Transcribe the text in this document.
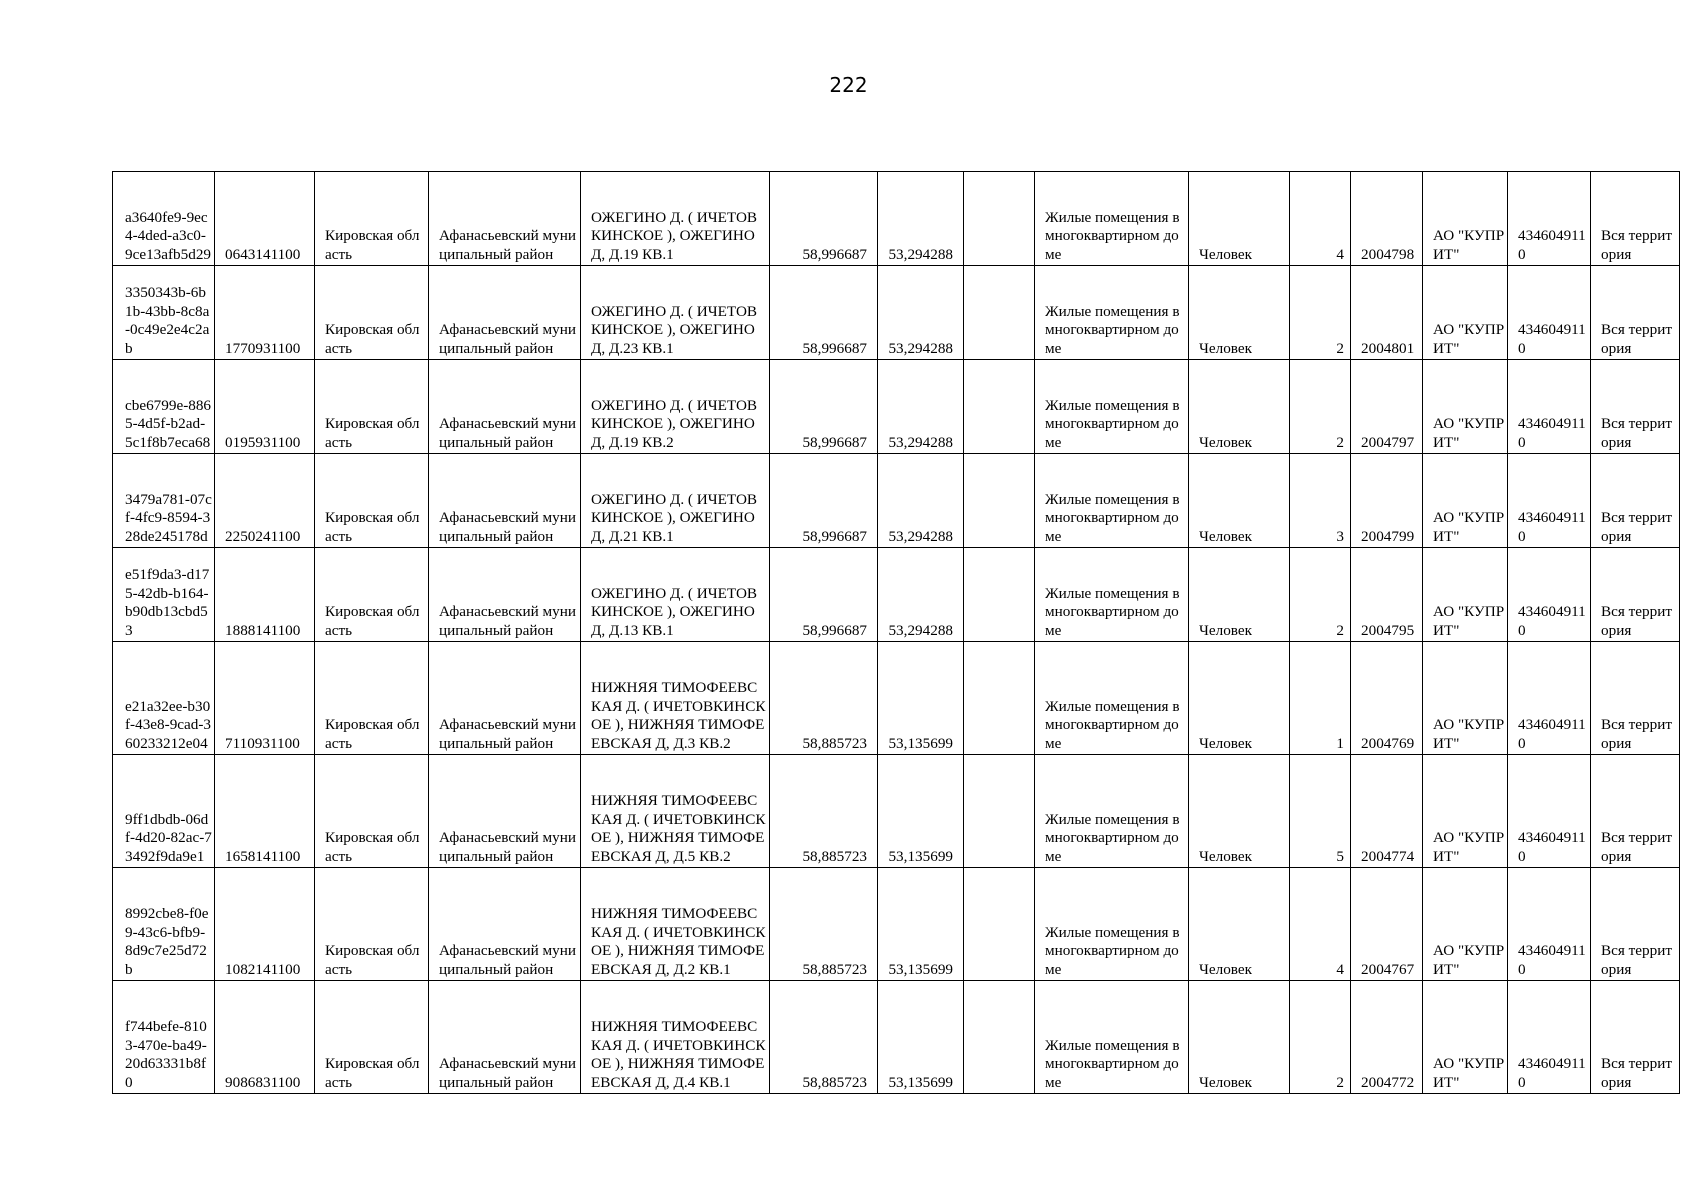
222
a3640fe9-9ec4-4ded-a3c0-9ce13afb5d29	0643141100	Кировская область	Афанасьевский муниципальный район	ОЖЕГИНО Д. ( ИЧЕТОВКИНСКОЕ ), ОЖЕГИНО Д, Д.19 КВ.1	58,996687	53,294288		Жилые помещения в многоквартирном доме	Человек	4	2004798	АО "КУПРИТ"	4346049110	Вся территория
3350343b-6b1b-43bb-8c8a-0c49e2e4c2ab	1770931100	Кировская область	Афанасьевский муниципальный район	ОЖЕГИНО Д. ( ИЧЕТОВКИНСКОЕ ), ОЖЕГИНО Д, Д.23 КВ.1	58,996687	53,294288		Жилые помещения в многоквартирном доме	Человек	2	2004801	АО "КУПРИТ"	4346049110	Вся территория
cbe6799e-8865-4d5f-b2ad-5c1f8b7eca68	0195931100	Кировская область	Афанасьевский муниципальный район	ОЖЕГИНО Д. ( ИЧЕТОВКИНСКОЕ ), ОЖЕГИНО Д, Д.19 КВ.2	58,996687	53,294288		Жилые помещения в многоквартирном доме	Человек	2	2004797	АО "КУПРИТ"	4346049110	Вся территория
3479a781-07cf-4fc9-8594-328de245178d	2250241100	Кировская область	Афанасьевский муниципальный район	ОЖЕГИНО Д. ( ИЧЕТОВКИНСКОЕ ), ОЖЕГИНО Д, Д.21 КВ.1	58,996687	53,294288		Жилые помещения в многоквартирном доме	Человек	3	2004799	АО "КУПРИТ"	4346049110	Вся территория
e51f9da3-d175-42db-b164-b90db13cbd53	1888141100	Кировская область	Афанасьевский муниципальный район	ОЖЕГИНО Д. ( ИЧЕТОВКИНСКОЕ ), ОЖЕГИНО Д, Д.13 КВ.1	58,996687	53,294288		Жилые помещения в многоквартирном доме	Человек	2	2004795	АО "КУПРИТ"	4346049110	Вся территория
e21a32ee-b30f-43e8-9cad-360233212e04	7110931100	Кировская область	Афанасьевский муниципальный район	НИЖНЯЯ ТИМОФЕЕВСКАЯ Д. ( ИЧЕТОВКИНСКОЕ ), НИЖНЯЯ ТИМОФЕЕВСКАЯ Д, Д.3 КВ.2	58,885723	53,135699		Жилые помещения в многоквартирном доме	Человек	1	2004769	АО "КУПРИТ"	4346049110	Вся территория
9ff1dbdb-06df-4d20-82ac-73492f9da9e1	1658141100	Кировская область	Афанасьевский муниципальный район	НИЖНЯЯ ТИМОФЕЕВСКАЯ Д. ( ИЧЕТОВКИНСКОЕ ), НИЖНЯЯ ТИМОФЕЕВСКАЯ Д, Д.5 КВ.2	58,885723	53,135699		Жилые помещения в многоквартирном доме	Человек	5	2004774	АО "КУПРИТ"	4346049110	Вся территория
8992cbe8-f0e9-43c6-bfb9-8d9c7e25d72b	1082141100	Кировская область	Афанасьевский муниципальный район	НИЖНЯЯ ТИМОФЕЕВСКАЯ Д. ( ИЧЕТОВКИНСКОЕ ), НИЖНЯЯ ТИМОФЕЕВСКАЯ Д, Д.2 КВ.1	58,885723	53,135699		Жилые помещения в многоквартирном доме	Человек	4	2004767	АО "КУПРИТ"	4346049110	Вся территория
f744befe-8103-470e-ba49-20d63331b8f0	9086831100	Кировская область	Афанасьевский муниципальный район	НИЖНЯЯ ТИМОФЕЕВСКАЯ Д. ( ИЧЕТОВКИНСКОЕ ), НИЖНЯЯ ТИМОФЕЕВСКАЯ Д, Д.4 КВ.1	58,885723	53,135699		Жилые помещения в многоквартирном доме	Человек	2	2004772	АО "КУПРИТ"	4346049110	Вся территория
